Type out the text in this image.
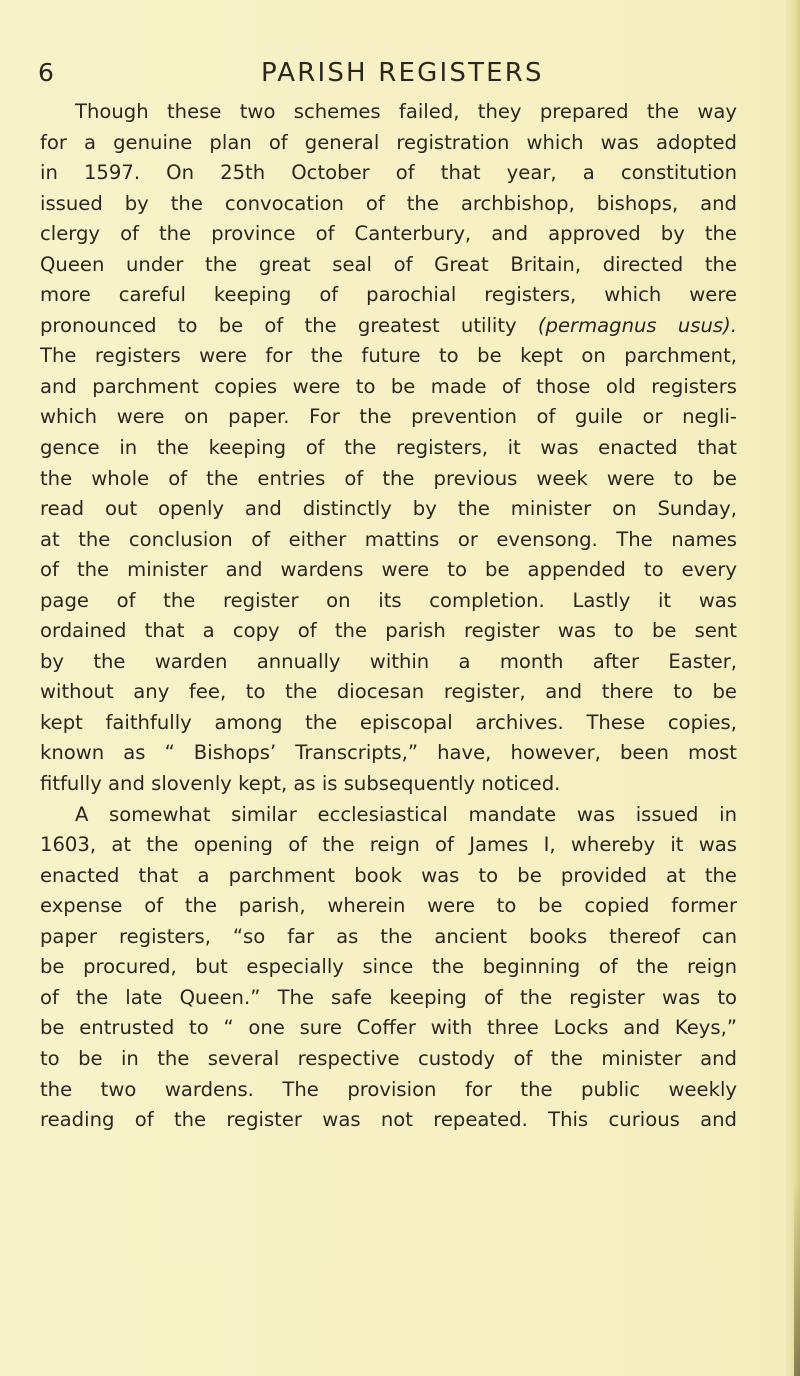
6	PARISH REGISTERS
Though these two schemes failed, they prepared the way
for a genuine plan of general registration which was adopted
in 1597. On 25th October of that year, a constitution
issued by the convocation of the archbishop, bishops, and
clergy of the province of Canterbury, and approved by the
Queen under the great seal of Great Britain, directed the
more careful keeping of parochial registers, which were
pronounced to be of the greatest utility (permagnus usus).
The registers were for the future to be kept on parchment,
and parchment copies were to be made of those old registers
which were on paper. For the prevention of guile or negli-
gence in the keeping of the registers, it was enacted that
the whole of the entries of the previous week were to be
read out openly and distinctly by the minister on Sunday,
at the conclusion of either mattins or evensong. The names
of the minister and wardens were to be appended to every
page of the register on its completion. Lastly it was
ordained that a copy of the parish register was to be sent
by the warden annually within a month after Easter,
without any fee, to the diocesan register, and there to be
kept faithfully among the episcopal archives. These copies,
known as “ Bishops’ Transcripts,” have, however, been most
fitfully and slovenly kept, as is subsequently noticed.
A somewhat similar ecclesiastical mandate was issued in
1603, at the opening of the reign of James I, whereby it was
enacted that a parchment book was to be provided at the
expense of the parish, wherein were to be copied former
paper registers, “so far as the ancient books thereof can
be procured, but especially since the beginning of the reign
of the late Queen.” The safe keeping of the register was to
be entrusted to “ one sure Coffer with three Locks and Keys,”
to be in the several respective custody of the minister and
the two wardens. The provision for the public weekly
reading of the register was not repeated. This curious and
